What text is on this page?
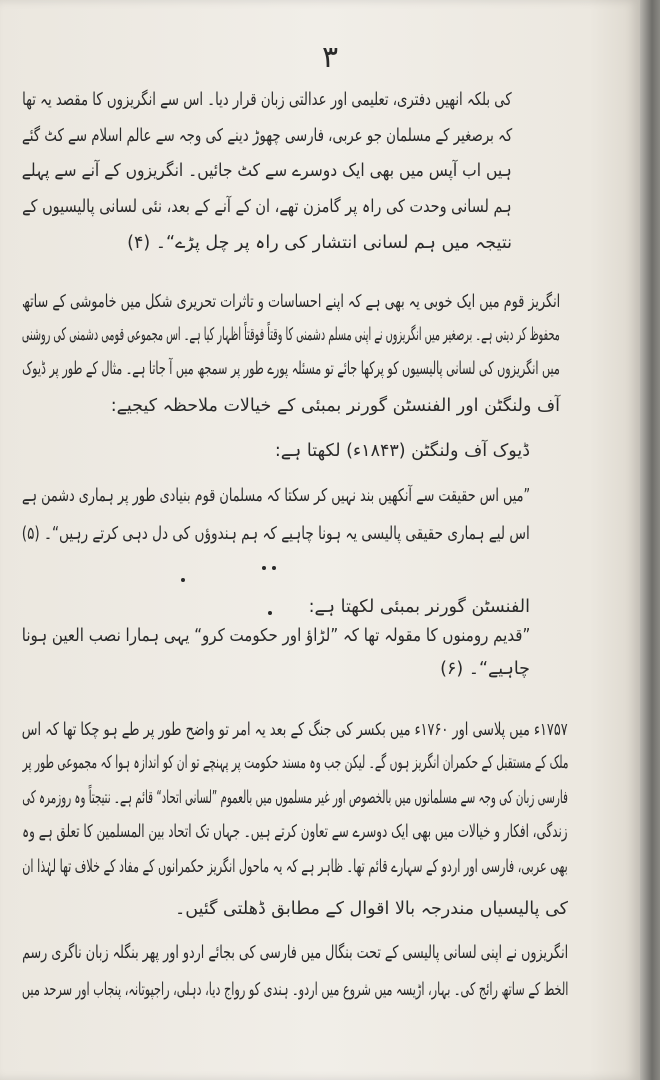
۳
کی بلکہ انھیں دفتری، تعلیمی اور عدالتی زبان قرار دیا۔ اس سے انگریزوں کا مقصد یہ تھا
کہ برصغیر کے مسلمان جو عربی، فارسی چھوڑ دینے کی وجہ سے عالم اسلام سے کٹ گئے
ہیں اب آپس میں بھی ایک دوسرے سے کٹ جائیں۔ انگریزوں کے آنے سے پہلے
ہم لسانی وحدت کی راہ پر گامزن تھے، ان کے آنے کے بعد، نئی لسانی پالیسیوں کے
نتیجہ میں ہم لسانی انتشار کی راہ پر چل پڑے“۔ (۴)
انگریز قوم میں ایک خوبی یہ بھی ہے کہ اپنے احساسات و تاثرات تحریری شکل میں خاموشی کے ساتھ
محفوظ کر دیتی ہے۔ برصغیر میں انگریزوں نے اپنی مسلم دشمنی کا وقتاً فوقتاً اظہار کیا ہے۔ اس مجموعی قومی دشمنی کی روشنی
میں انگریزوں کی لسانی پالیسیوں کو پرکھا جائے تو مسئلہ پورے طور پر سمجھ میں آ جاتا ہے۔ مثال کے طور پر ڈیوک
آف ولنگٹن اور الفنسٹن گورنر بمبئی کے خیالات ملاحظہ کیجیے:
ڈیوک آف ولنگٹن (۱۸۴۳ء) لکھتا ہے:
”میں اس حقیقت سے آنکھیں بند نہیں کر سکتا کہ مسلمان قوم بنیادی طور پر ہماری دشمن ہے
اس لیے ہماری حقیقی پالیسی یہ ہونا چاہیے کہ ہم ہندوؤں کی دل دہی کرتے رہیں“۔ (۵)
الفنسٹن گورنر بمبئی لکھتا ہے:
”قدیم رومنوں کا مقولہ تھا کہ ”لڑاؤ اور حکومت کرو“ یہی ہمارا نصب العین ہونا
چاہیے“۔ (۶)
۱۷۵۷ء میں پلاسی اور ۱۷۶۰ء میں بکسر کی جنگ کے بعد یہ امر تو واضح طور پر طے ہو چکا تھا کہ اس
ملک کے مستقبل کے حکمران انگریز ہوں گے۔ لیکن جب وہ مسند حکومت پر پہنچے تو ان کو اندازہ ہوا کہ مجموعی طور پر
فارسی زبان کی وجہ سے مسلمانوں میں بالخصوص اور غیر مسلموں میں بالعموم ”لسانی اتحاد“ قائم ہے۔ نتیجتاً وہ روزمرہ کی
زندگی، افکار و خیالات میں بھی ایک دوسرے سے تعاون کرتے ہیں۔ جہاں تک اتحاد بین المسلمین کا تعلق ہے وہ
بھی عربی، فارسی اور اردو کے سہارے قائم تھا۔ ظاہر ہے کہ یہ ماحول انگریز حکمرانوں کے مفاد کے خلاف تھا لہٰذا ان
کی پالیسیاں مندرجہ بالا اقوال کے مطابق ڈھلتی گئیں۔
انگریزوں نے اپنی لسانی پالیسی کے تحت بنگال میں فارسی کی بجائے اردو اور پھر بنگلہ زبان ناگری رسم
الخط کے ساتھ رائج کی۔ بہار، اڑیسہ میں شروع میں اردو۔ ہندی کو رواج دیا، دہلی، راجپوتانہ، پنجاب اور سرحد میں
